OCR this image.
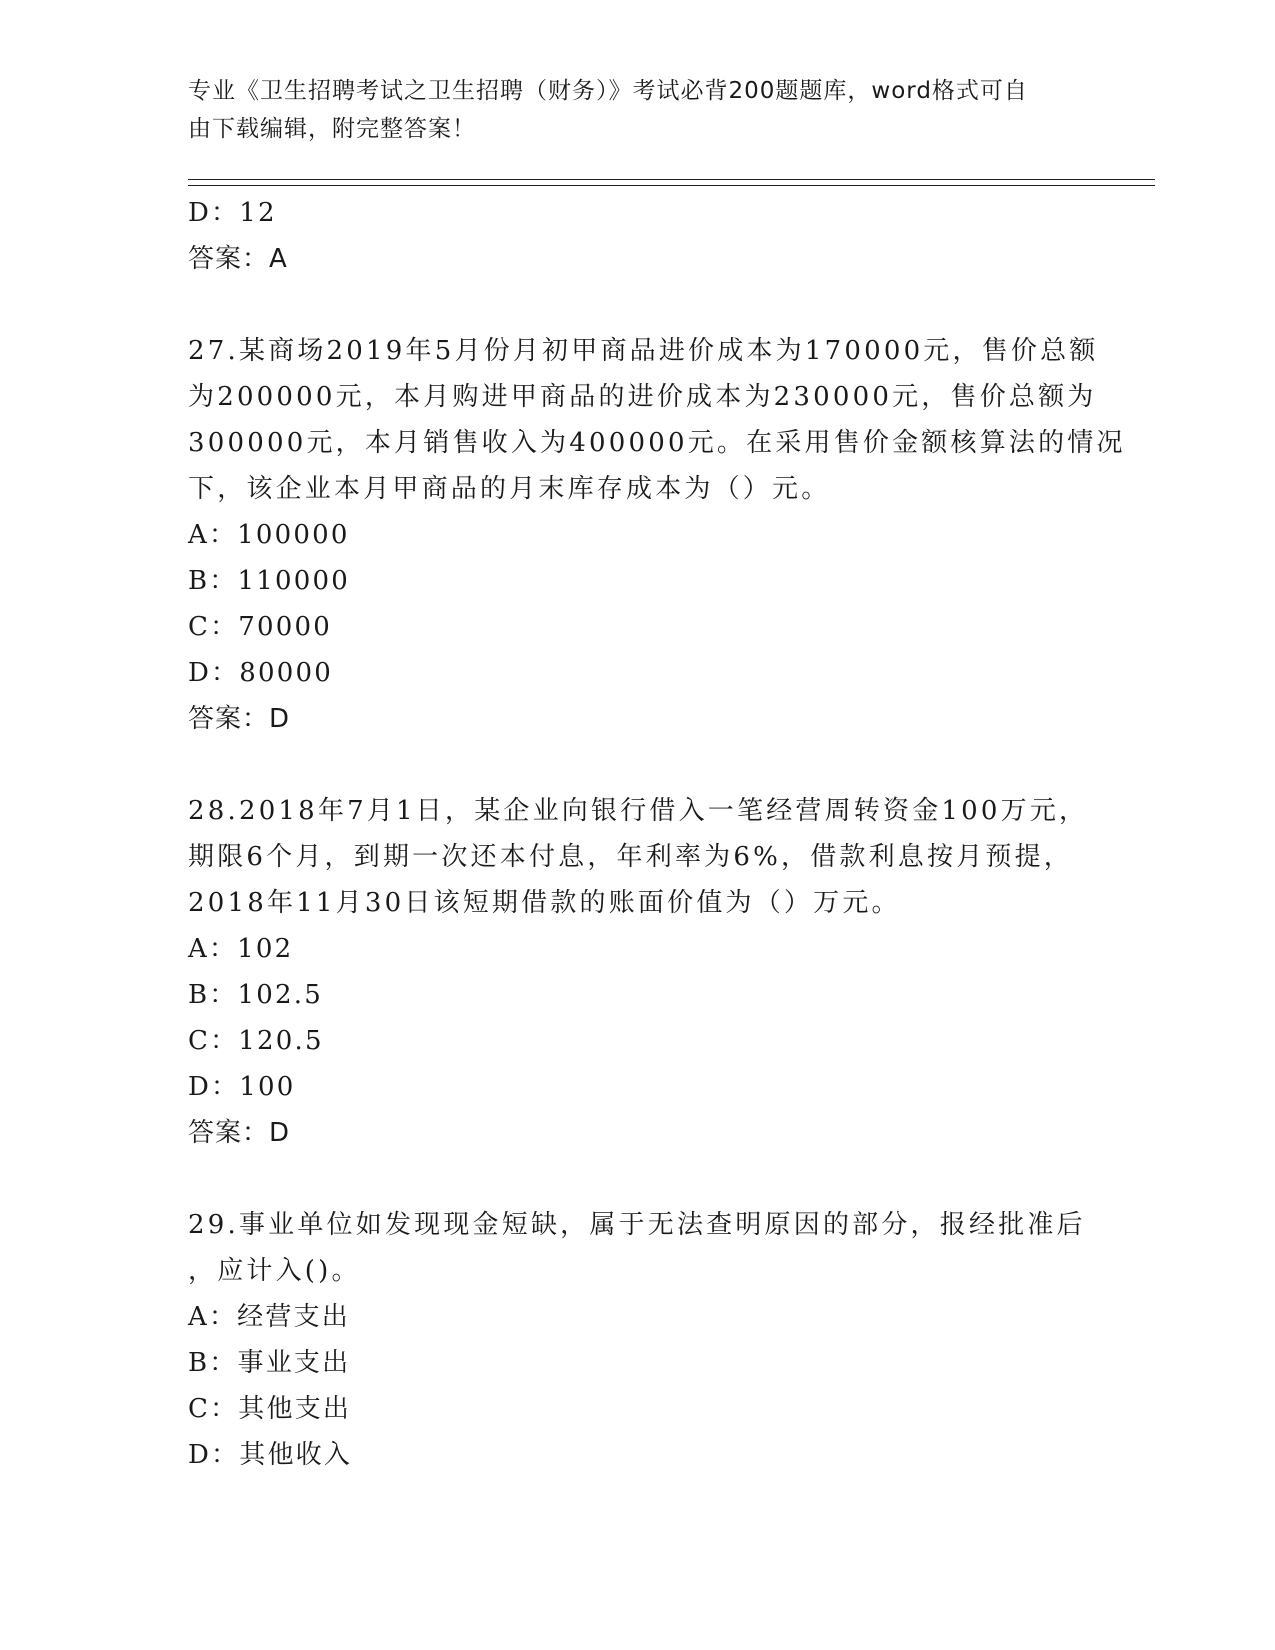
专业《卫生招聘考试之卫生招聘（财务）》考试必背200题题库，word格式可自
由下载编辑，附完整答案！
D：12
答案：A
27.某商场2019年5月份月初甲商品进价成本为170000元，售价总额
为200000元，本月购进甲商品的进价成本为230000元，售价总额为
300000元，本月销售收入为400000元。在采用售价金额核算法的情况
下，该企业本月甲商品的月末库存成本为（）元。
A：100000
B：110000
C：70000
D：80000
答案：D
28.2018年7月1日，某企业向银行借入一笔经营周转资金100万元，
期限6个月，到期一次还本付息，年利率为6%，借款利息按月预提，
2018年11月30日该短期借款的账面价值为（）万元。
A：102
B：102.5
C：120.5
D：100
答案：D
29.事业单位如发现现金短缺，属于无法查明原因的部分，报经批准后
，应计入()。
A：经营支出
B：事业支出
C：其他支出
D：其他收入
